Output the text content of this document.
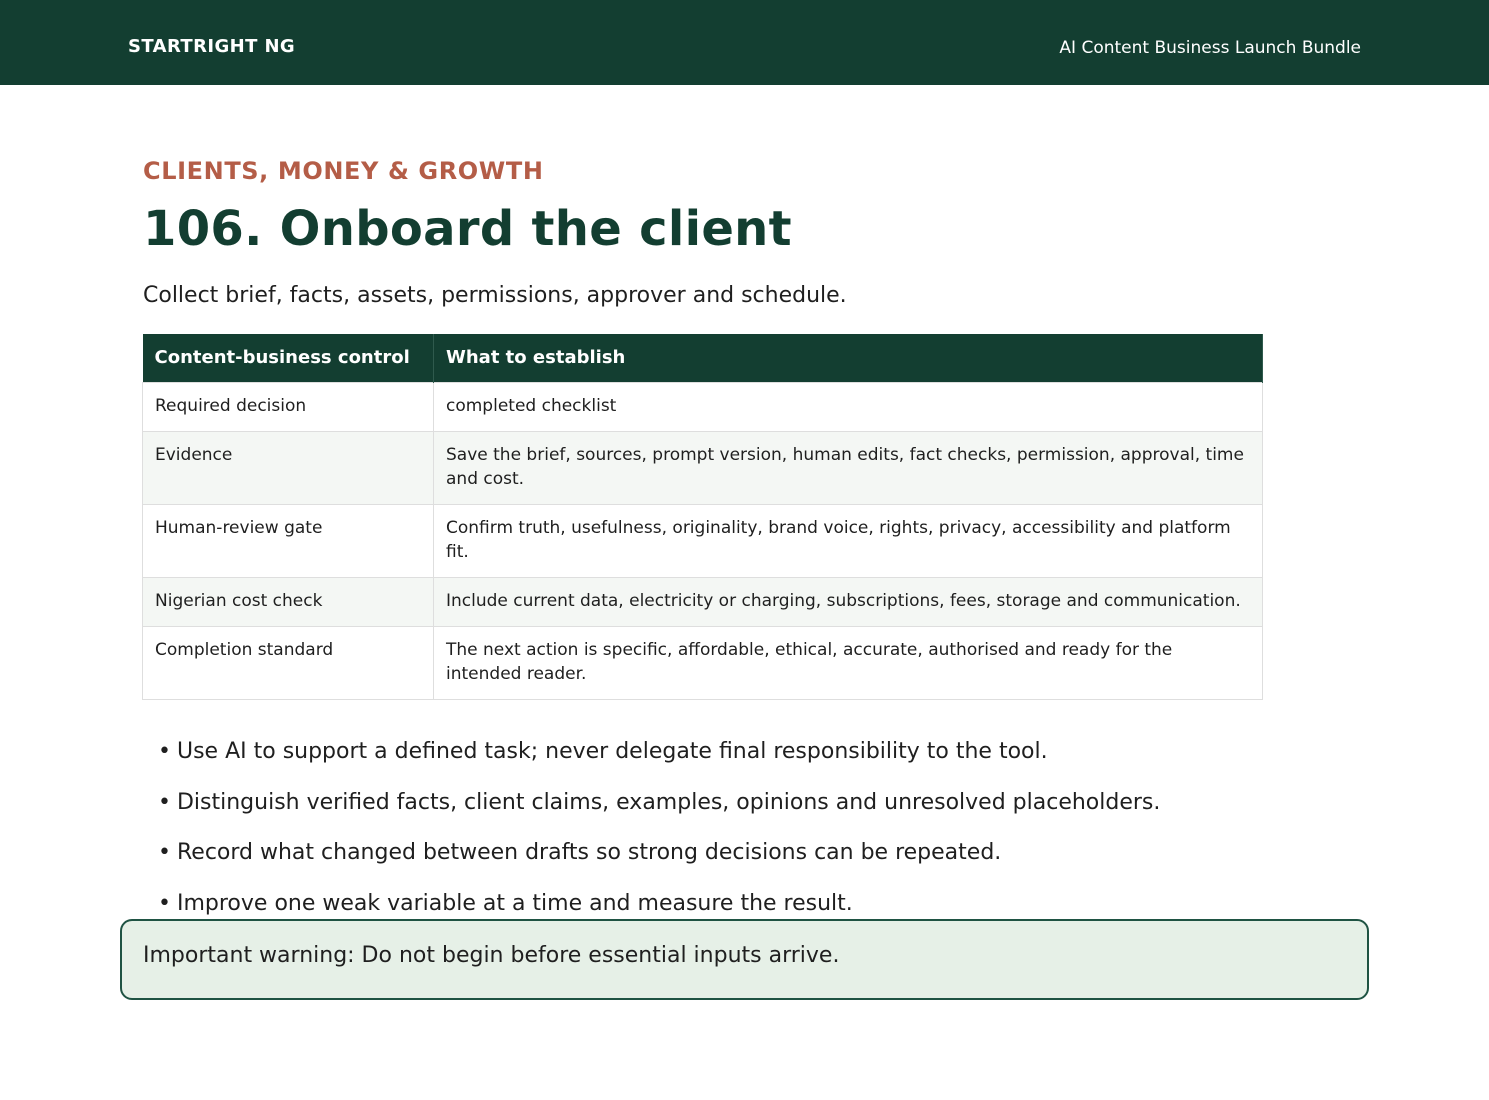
STARTRIGHT NG	AI Content Business Launch Bundle
CLIENTS, MONEY & GROWTH
106. Onboard the client
Collect brief, facts, assets, permissions, approver and schedule.
Content-business control	What to establish
Required decision	completed checklist
Evidence	Save the brief, sources, prompt version, human edits, fact checks, permission, approval, time and cost.
Human-review gate	Confirm truth, usefulness, originality, brand voice, rights, privacy, accessibility and platform fit.
Nigerian cost check	Include current data, electricity or charging, subscriptions, fees, storage and communication.
Completion standard	The next action is specific, affordable, ethical, accurate, authorised and ready for the intended reader.
• Use AI to support a defined task; never delegate final responsibility to the tool.
• Distinguish verified facts, client claims, examples, opinions and unresolved placeholders.
• Record what changed between drafts so strong decisions can be repeated.
• Improve one weak variable at a time and measure the result.
Important warning: Do not begin before essential inputs arrive.
